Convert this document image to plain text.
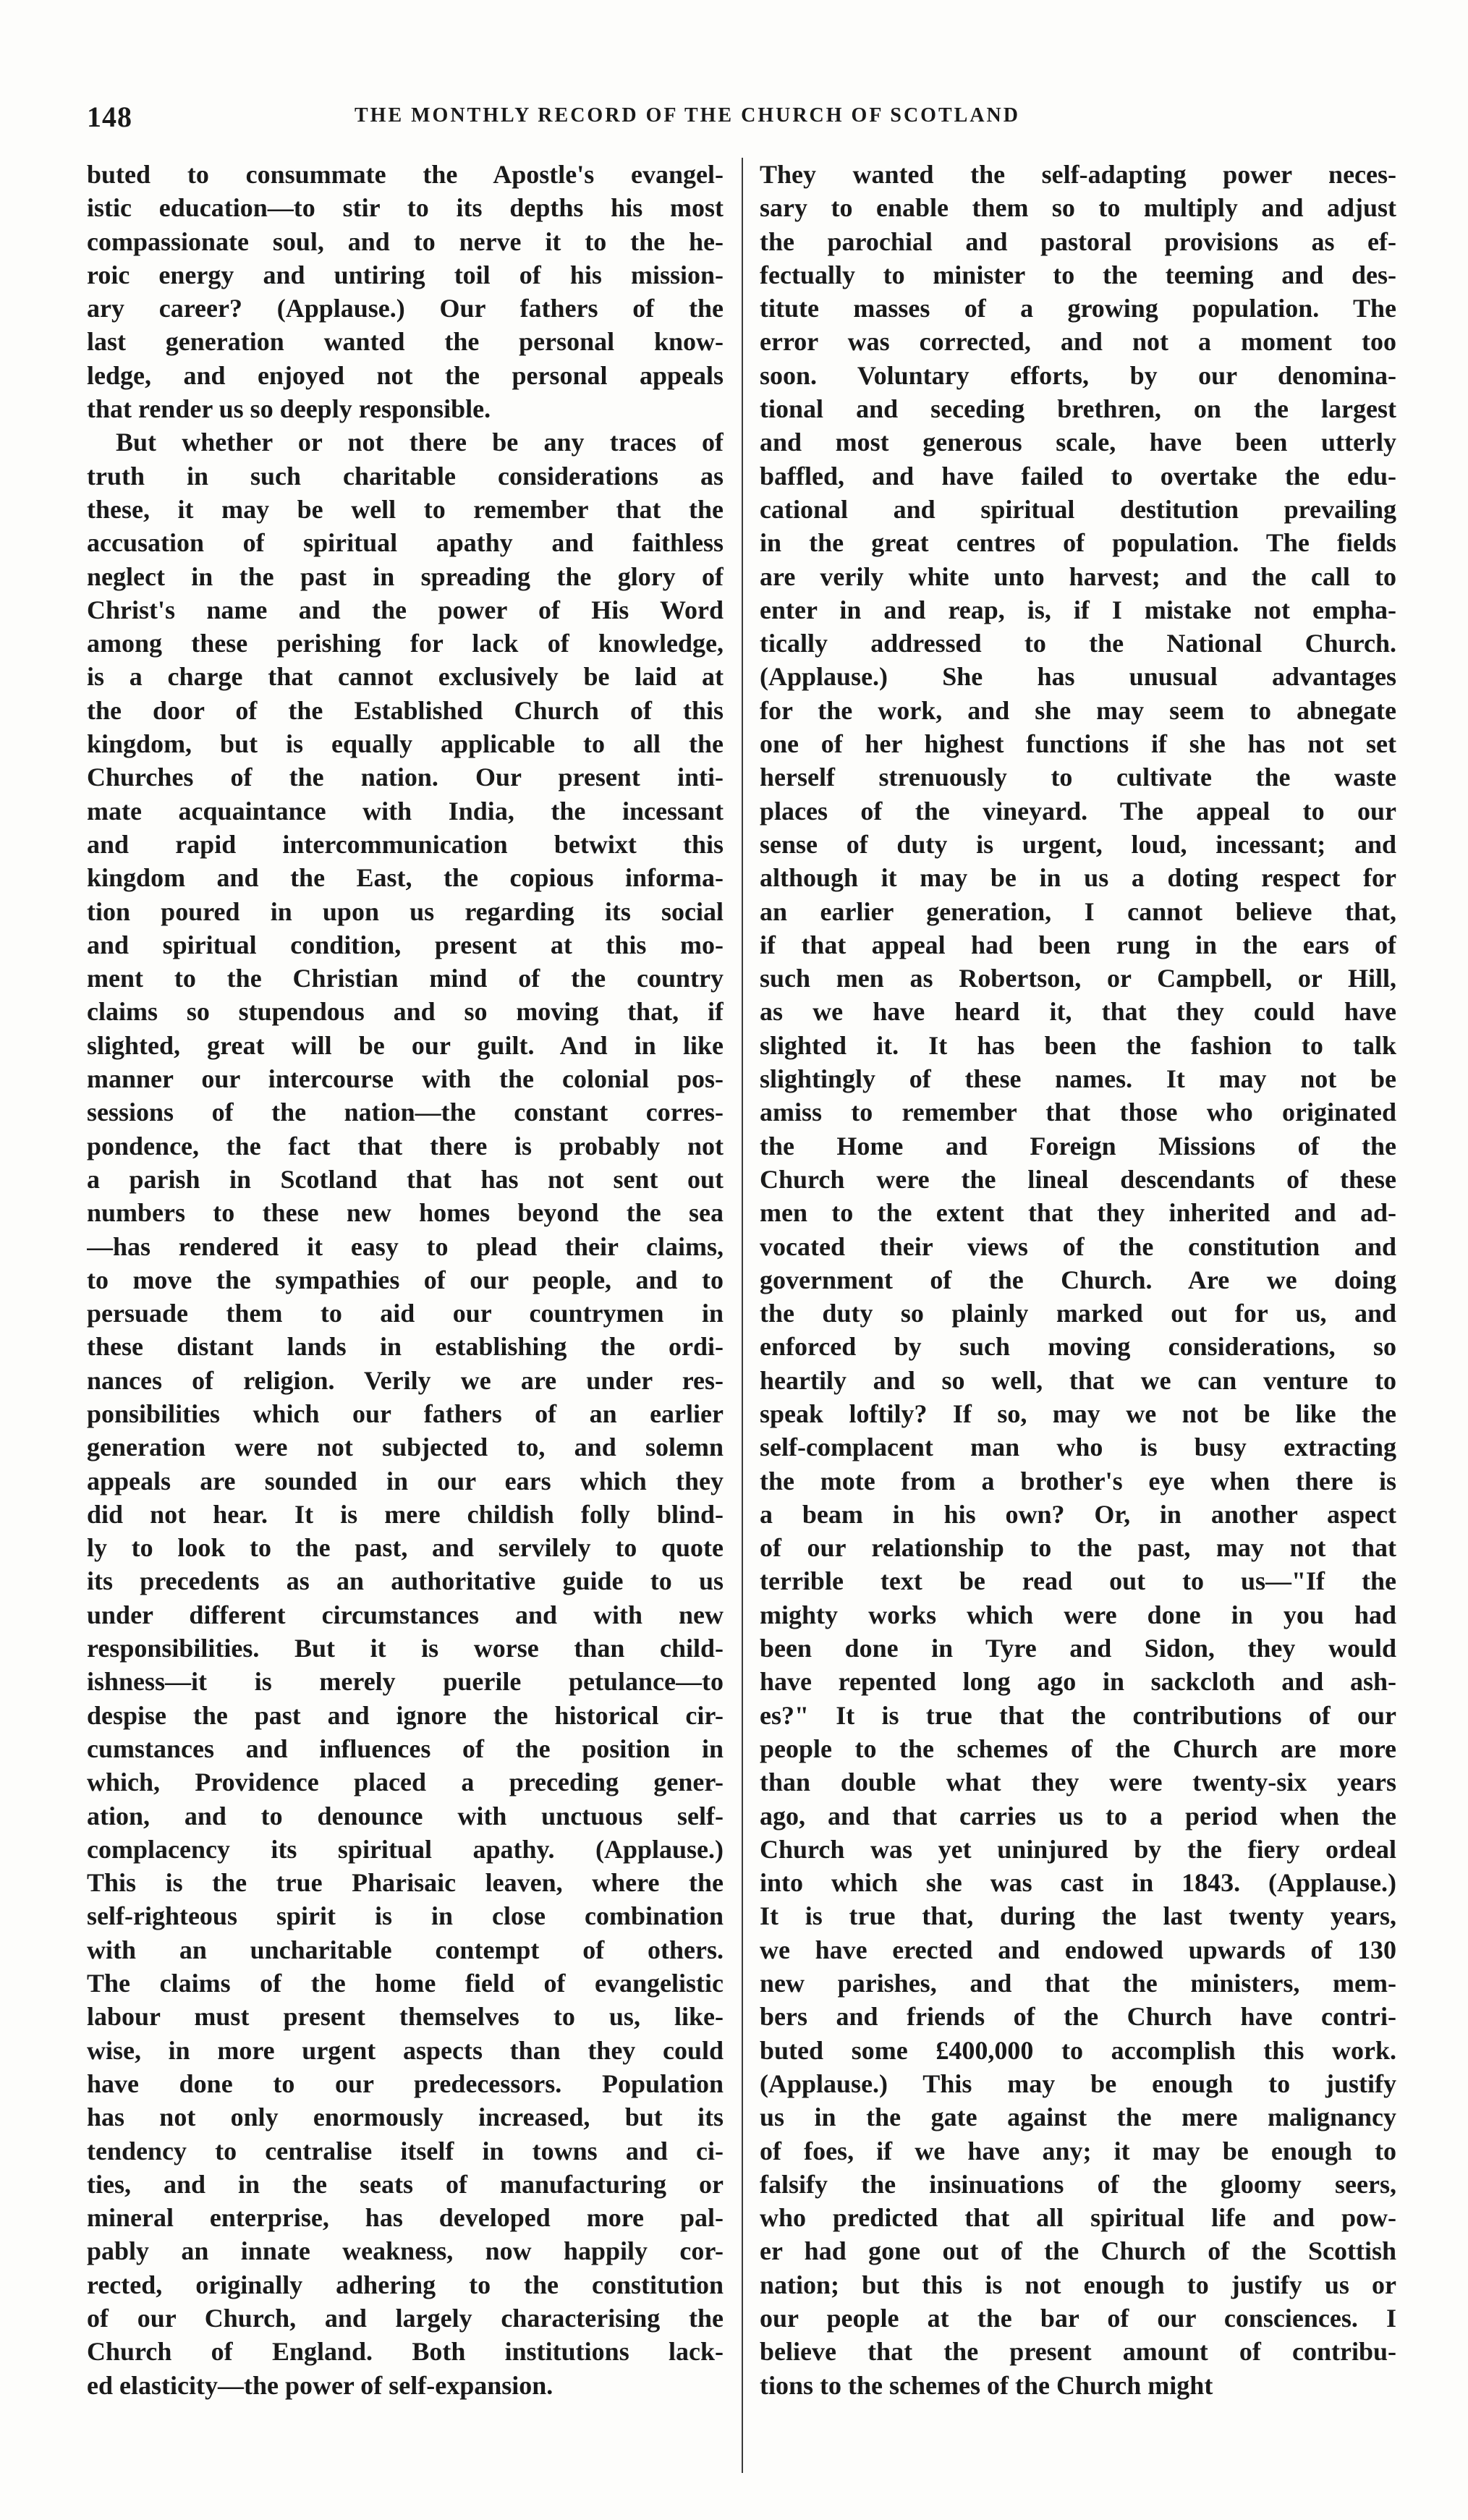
148	THE MONTHLY RECORD OF THE CHURCH OF SCOTLAND
buted to consummate the Apostle's evangel-
istic education—to stir to its depths his most
compassionate soul, and to nerve it to the he-
roic energy and untiring toil of his mission-
ary career? (Applause.) Our fathers of the
last generation wanted the personal know-
ledge, and enjoyed not the personal appeals
that render us so deeply responsible.
But whether or not there be any traces of
truth in such charitable considerations as
these, it may be well to remember that the
accusation of spiritual apathy and faithless
neglect in the past in spreading the glory of
Christ's name and the power of His Word
among these perishing for lack of knowledge,
is a charge that cannot exclusively be laid at
the door of the Established Church of this
kingdom, but is equally applicable to all the
Churches of the nation. Our present inti-
mate acquaintance with India, the incessant
and rapid intercommunication betwixt this
kingdom and the East, the copious informa-
tion poured in upon us regarding its social
and spiritual condition, present at this mo-
ment to the Christian mind of the country
claims so stupendous and so moving that, if
slighted, great will be our guilt. And in like
manner our intercourse with the colonial pos-
sessions of the nation—the constant corres-
pondence, the fact that there is probably not
a parish in Scotland that has not sent out
numbers to these new homes beyond the sea
—has rendered it easy to plead their claims,
to move the sympathies of our people, and to
persuade them to aid our countrymen in
these distant lands in establishing the ordi-
nances of religion. Verily we are under res-
ponsibilities which our fathers of an earlier
generation were not subjected to, and solemn
appeals are sounded in our ears which they
did not hear. It is mere childish folly blind-
ly to look to the past, and servilely to quote
its precedents as an authoritative guide to us
under different circumstances and with new
responsibilities. But it is worse than child-
ishness—it is merely puerile petulance—to
despise the past and ignore the historical cir-
cumstances and influences of the position in
which, Providence placed a preceding gener-
ation, and to denounce with unctuous self-
complacency its spiritual apathy. (Applause.)
This is the true Pharisaic leaven, where the
self-righteous spirit is in close combination
with an uncharitable contempt of others.
The claims of the home field of evangelistic
labour must present themselves to us, like-
wise, in more urgent aspects than they could
have done to our predecessors. Population
has not only enormously increased, but its
tendency to centralise itself in towns and ci-
ties, and in the seats of manufacturing or
mineral enterprise, has developed more pal-
pably an innate weakness, now happily cor-
rected, originally adhering to the constitution
of our Church, and largely characterising the
Church of England. Both institutions lack-
ed elasticity—the power of self-expansion.
They wanted the self-adapting power neces-
sary to enable them so to multiply and adjust
the parochial and pastoral provisions as ef-
fectually to minister to the teeming and des-
titute masses of a growing population. The
error was corrected, and not a moment too
soon. Voluntary efforts, by our denomina-
tional and seceding brethren, on the largest
and most generous scale, have been utterly
baffled, and have failed to overtake the edu-
cational and spiritual destitution prevailing
in the great centres of population. The fields
are verily white unto harvest; and the call to
enter in and reap, is, if I mistake not empha-
tically addressed to the National Church.
(Applause.) She has unusual advantages
for the work, and she may seem to abnegate
one of her highest functions if she has not set
herself strenuously to cultivate the waste
places of the vineyard. The appeal to our
sense of duty is urgent, loud, incessant; and
although it may be in us a doting respect for
an earlier generation, I cannot believe that,
if that appeal had been rung in the ears of
such men as Robertson, or Campbell, or Hill,
as we have heard it, that they could have
slighted it. It has been the fashion to talk
slightingly of these names. It may not be
amiss to remember that those who originated
the Home and Foreign Missions of the
Church were the lineal descendants of these
men to the extent that they inherited and ad-
vocated their views of the constitution and
government of the Church. Are we doing
the duty so plainly marked out for us, and
enforced by such moving considerations, so
heartily and so well, that we can venture to
speak loftily? If so, may we not be like the
self-complacent man who is busy extracting
the mote from a brother's eye when there is
a beam in his own? Or, in another aspect
of our relationship to the past, may not that
terrible text be read out to us—"If the
mighty works which were done in you had
been done in Tyre and Sidon, they would
have repented long ago in sackcloth and ash-
es?" It is true that the contributions of our
people to the schemes of the Church are more
than double what they were twenty-six years
ago, and that carries us to a period when the
Church was yet uninjured by the fiery ordeal
into which she was cast in 1843. (Applause.)
It is true that, during the last twenty years,
we have erected and endowed upwards of 130
new parishes, and that the ministers, mem-
bers and friends of the Church have contri-
buted some £400,000 to accomplish this work.
(Applause.) This may be enough to justify
us in the gate against the mere malignancy
of foes, if we have any; it may be enough to
falsify the insinuations of the gloomy seers,
who predicted that all spiritual life and pow-
er had gone out of the Church of the Scottish
nation; but this is not enough to justify us or
our people at the bar of our consciences. I
believe that the present amount of contribu-
tions to the schemes of the Church might
